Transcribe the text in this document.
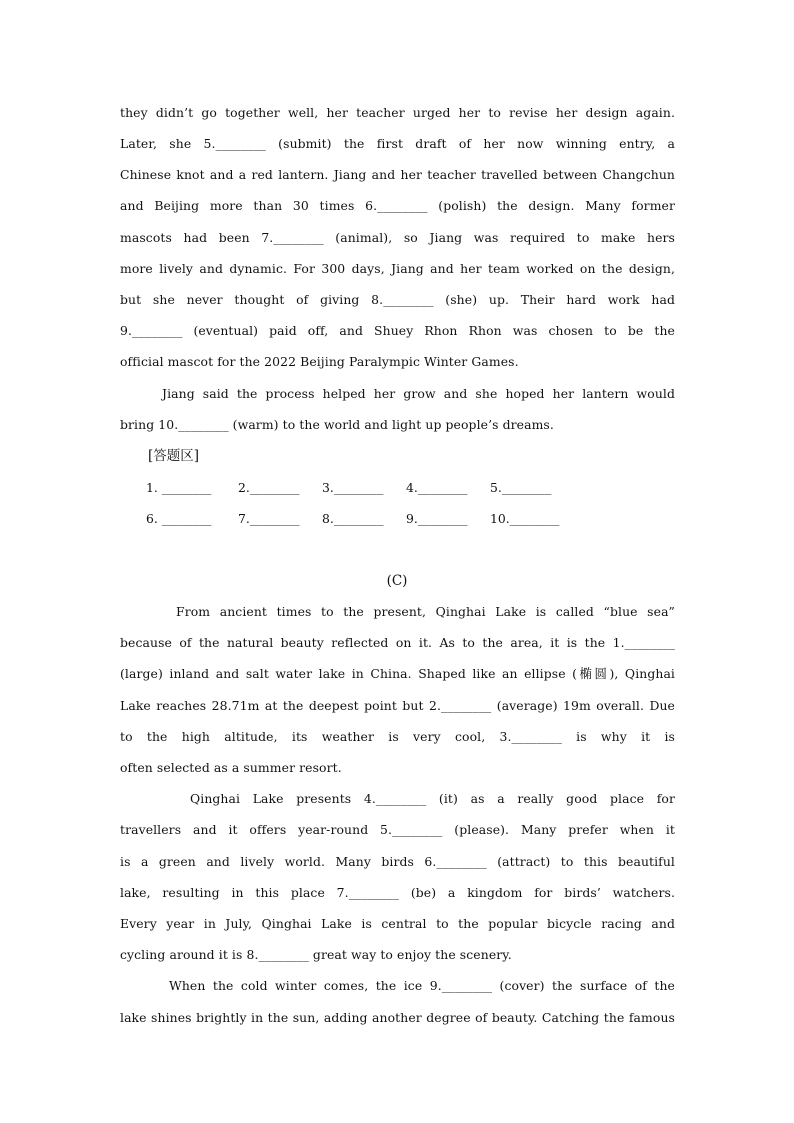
they didn’t go together well, her teacher urged her to revise her design again.
Later, she 5.________ (submit) the first draft of her now winning entry, a
Chinese knot and a red lantern. Jiang and her teacher travelled between Changchun
and Beijing more than 30 times 6.________ (polish) the design. Many former
mascots had been 7.________ (animal), so Jiang was required to make hers
more lively and dynamic. For 300 days, Jiang and her team worked on the design,
but she never thought of giving 8.________ (she) up. Their hard work had
9.________ (eventual) paid off, and Shuey Rhon Rhon was chosen to be the
official mascot for the 2022 Beijing Paralympic Winter Games.
Jiang said the process helped her grow and she hoped her lantern would
bring 10.________ (warm) to the world and light up people’s dreams.
[答题区]
1. ________ 2.________ 3.________ 4.________ 5.________
6. ________ 7.________ 8.________ 9.________ 10.________
(C)
From ancient times to the present, Qinghai Lake is called “blue sea”
because of the natural beauty reflected on it. As to the area, it is the 1.________
(large) inland and salt water lake in China. Shaped like an ellipse (椭圆), Qinghai
Lake reaches 28.71m at the deepest point but 2.________ (average) 19m overall. Due
to the high altitude, its weather is very cool, 3.________ is why it is
often selected as a summer resort.
Qinghai Lake presents 4.________ (it) as a really good place for
travellers and it offers year-round 5.________ (please). Many prefer when it
is a green and lively world. Many birds 6.________ (attract) to this beautiful
lake, resulting in this place 7.________ (be) a kingdom for birds’ watchers.
Every year in July, Qinghai Lake is central to the popular bicycle racing and
cycling around it is 8.________ great way to enjoy the scenery.
When the cold winter comes, the ice 9.________ (cover) the surface of the
lake shines brightly in the sun, adding another degree of beauty. Catching the famous
